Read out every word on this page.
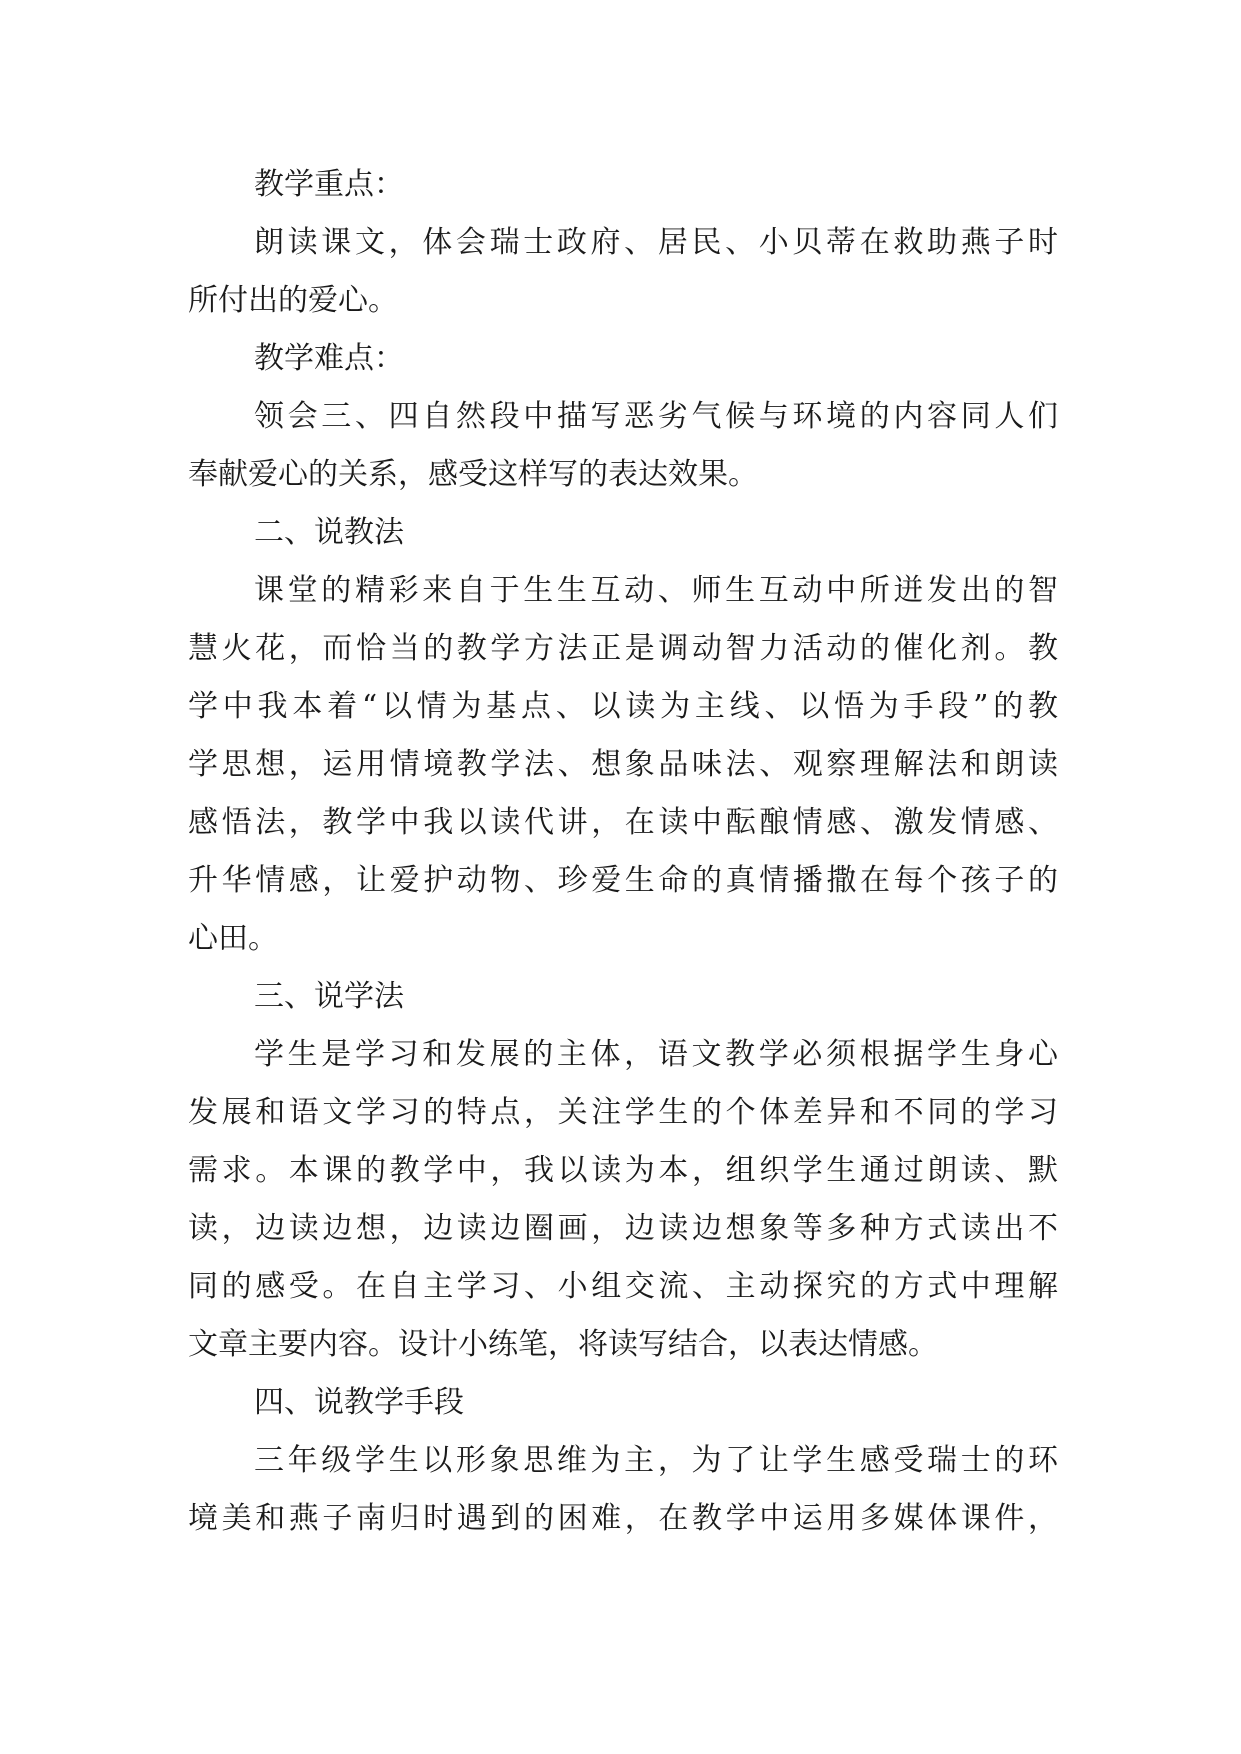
教学重点：
朗读课文，体会瑞士政府、居民、小贝蒂在救助燕子时
所付出的爱心。
教学难点：
领会三、四自然段中描写恶劣气候与环境的内容同人们
奉献爱心的关系，感受这样写的表达效果。
二、说教法
课堂的精彩来自于生生互动、师生互动中所迸发出的智
慧火花，而恰当的教学方法正是调动智力活动的催化剂。教
学中我本着“以情为基点、以读为主线、以悟为手段”的教
学思想，运用情境教学法、想象品味法、观察理解法和朗读
感悟法，教学中我以读代讲，在读中酝酿情感、激发情感、
升华情感，让爱护动物、珍爱生命的真情播撒在每个孩子的
心田。
三、说学法
学生是学习和发展的主体，语文教学必须根据学生身心
发展和语文学习的特点，关注学生的个体差异和不同的学习
需求。本课的教学中，我以读为本，组织学生通过朗读、默
读，边读边想，边读边圈画，边读边想象等多种方式读出不
同的感受。在自主学习、小组交流、主动探究的方式中理解
文章主要内容。设计小练笔，将读写结合，以表达情感。
四、说教学手段
三年级学生以形象思维为主，为了让学生感受瑞士的环
境美和燕子南归时遇到的困难，在教学中运用多媒体课件，
